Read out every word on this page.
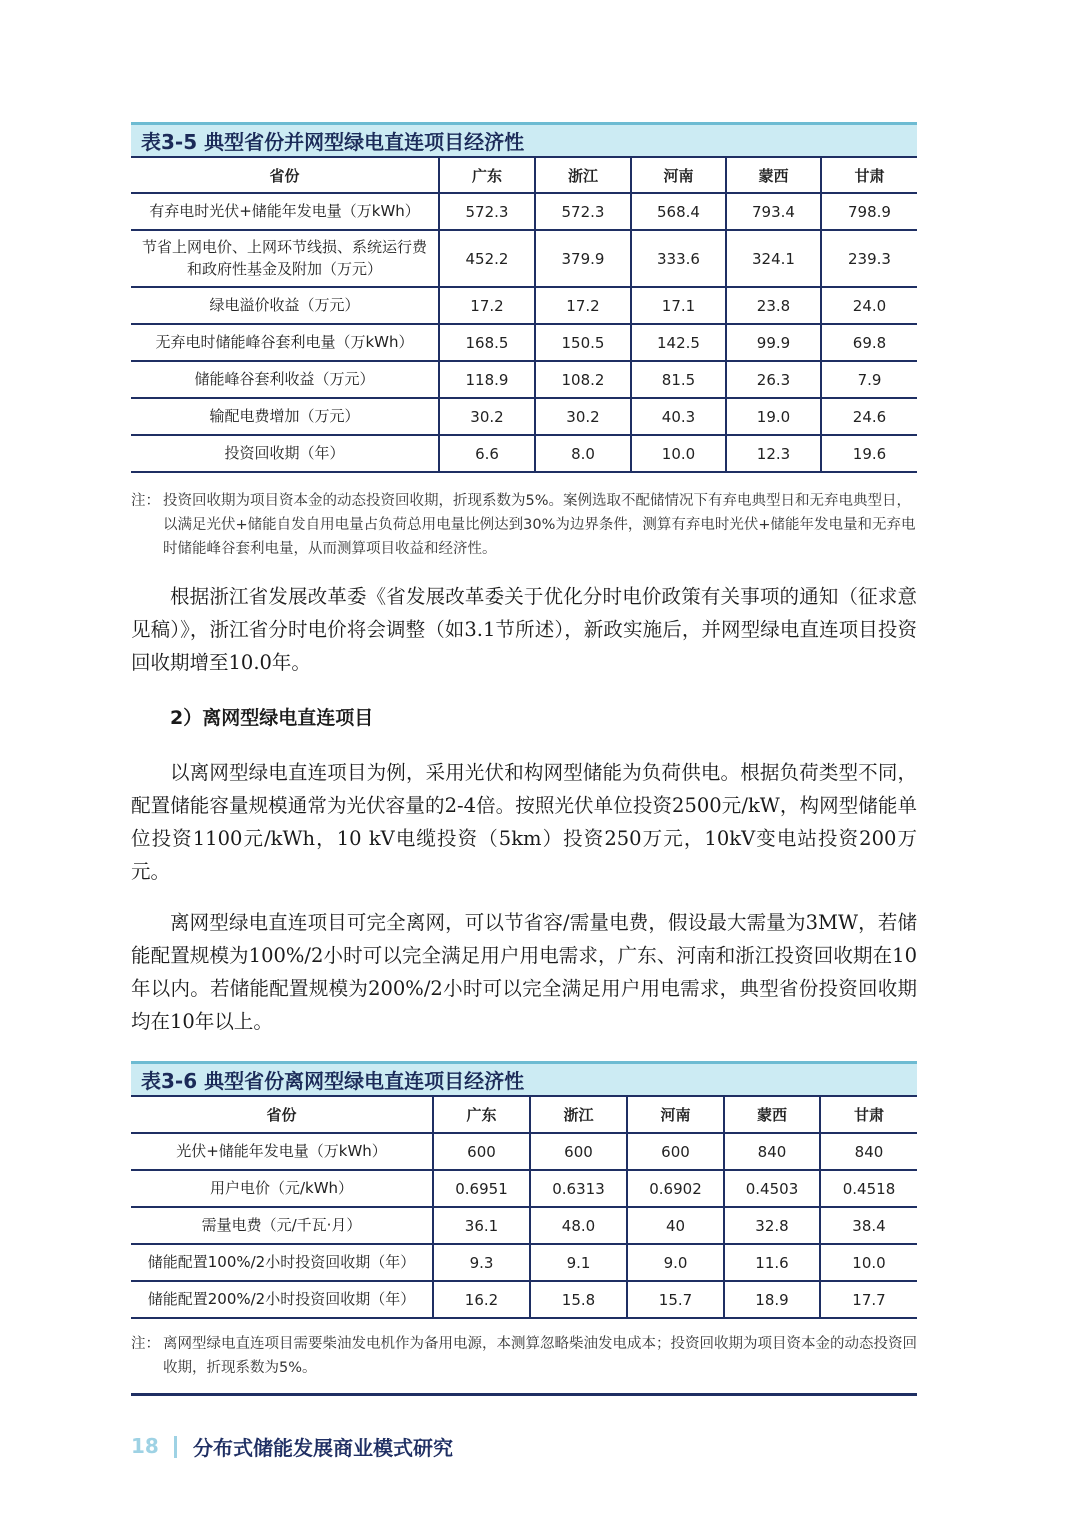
表3-5 典型省份并网型绿电直连项目经济性
省份	广东	浙江	河南	蒙西	甘肃
有弃电时光伏+储能年发电量（万kWh）	572.3	572.3	568.4	793.4	798.9
节省上网电价、上网环节线损、系统运行费和政府性基金及附加（万元）	452.2	379.9	333.6	324.1	239.3
绿电溢价收益（万元）	17.2	17.2	17.1	23.8	24.0
无弃电时储能峰谷套利电量（万kWh）	168.5	150.5	142.5	99.9	69.8
储能峰谷套利收益（万元）	118.9	108.2	81.5	26.3	7.9
输配电费增加（万元）	30.2	30.2	40.3	19.0	24.6
投资回收期（年）	6.6	8.0	10.0	12.3	19.6
注： 投资回收期为项目资本金的动态投资回收期，折现系数为5%。案例选取不配储情况下有弃电典型日和无弃电典型日，以满足光伏+储能自发自用电量占负荷总用电量比例达到30%为边界条件，测算有弃电时光伏+储能年发电量和无弃电时储能峰谷套利电量，从而测算项目收益和经济性。
根据浙江省发展改革委《省发展改革委关于优化分时电价政策有关事项的通知（征求意见稿）》，浙江省分时电价将会调整（如3.1节所述），新政实施后，并网型绿电直连项目投资回收期增至10.0年。
2）离网型绿电直连项目
以离网型绿电直连项目为例，采用光伏和构网型储能为负荷供电。根据负荷类型不同，配置储能容量规模通常为光伏容量的2-4倍。按照光伏单位投资2500元/kW，构网型储能单位投资1100元/kWh，10 kV电缆投资（5km）投资250万元，10kV变电站投资200万元。
离网型绿电直连项目可完全离网，可以节省容/需量电费，假设最大需量为3MW，若储能配置规模为100%/2小时可以完全满足用户用电需求，广东、河南和浙江投资回收期在10年以内。若储能配置规模为200%/2小时可以完全满足用户用电需求，典型省份投资回收期均在10年以上。
表3-6 典型省份离网型绿电直连项目经济性
省份	广东	浙江	河南	蒙西	甘肃
光伏+储能年发电量（万kWh）	600	600	600	840	840
用户电价（元/kWh）	0.6951	0.6313	0.6902	0.4503	0.4518
需量电费（元/千瓦·月）	36.1	48.0	40	32.8	38.4
储能配置100%/2小时投资回收期（年）	9.3	9.1	9.0	11.6	10.0
储能配置200%/2小时投资回收期（年）	16.2	15.8	15.7	18.9	17.7
注： 离网型绿电直连项目需要柴油发电机作为备用电源，本测算忽略柴油发电成本；投资回收期为项目资本金的动态投资回收期，折现系数为5%。
18 分布式储能发展商业模式研究
